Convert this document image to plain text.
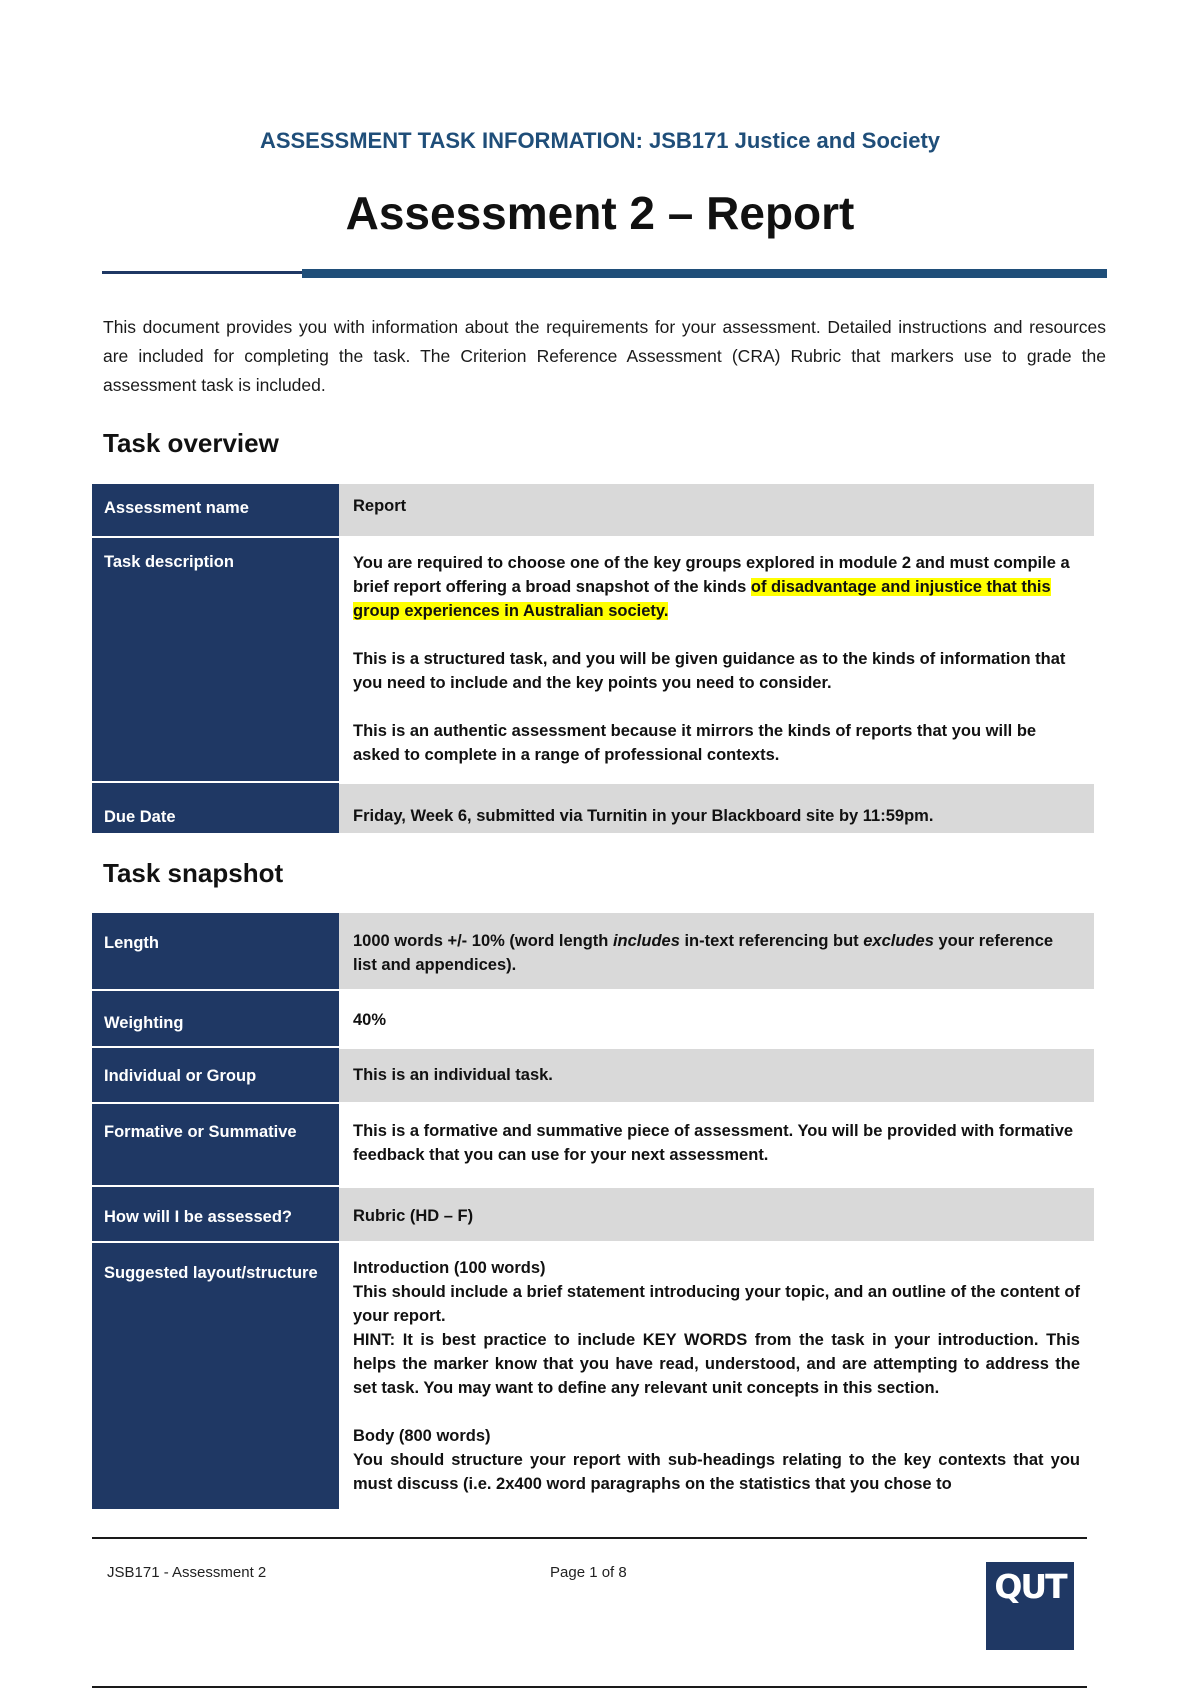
ASSESSMENT TASK INFORMATION: JSB171 Justice and Society
Assessment 2 – Report

This document provides you with information about the requirements for your assessment. Detailed instructions and resources are included for completing the task. The Criterion Reference Assessment (CRA) Rubric that markers use to grade the assessment task is included.

Task overview
Assessment name	Report
Task description	You are required to choose one of the key groups explored in module 2 and must compile a brief report offering a broad snapshot of the kinds of disadvantage and injustice that this group experiences in Australian society.

This is a structured task, and you will be given guidance as to the kinds of information that you need to include and the key points you need to consider.

This is an authentic assessment because it mirrors the kinds of reports that you will be asked to complete in a range of professional contexts.

Due Date	Friday, Week 6, submitted via Turnitin in your Blackboard site by 11:59pm.
Task snapshot
Length	1000 words +/- 10% (word length includes in-text referencing but excludes your reference list and appendices).
Weighting	40%
Individual or Group	This is an individual task.
Formative or Summative	This is a formative and summative piece of assessment. You will be provided with formative feedback that you can use for your next assessment.
How will I be assessed?	Rubric (HD – F)
Suggested layout/structure	Introduction (100 words)
This should include a brief statement introducing your topic, and an outline of the content of your report.
HINT: It is best practice to include KEY WORDS from the task in your introduction. This helps the marker know that you have read, understood, and are attempting to address the set task. You may want to define any relevant unit concepts in this section.
Body (800 words)
You should structure your report with sub-headings relating to the key contexts that you must discuss (i.e. 2x400 word paragraphs on the statistics that you chose to
JSB171 - Assessment 2	Page 1 of 8	QUT
